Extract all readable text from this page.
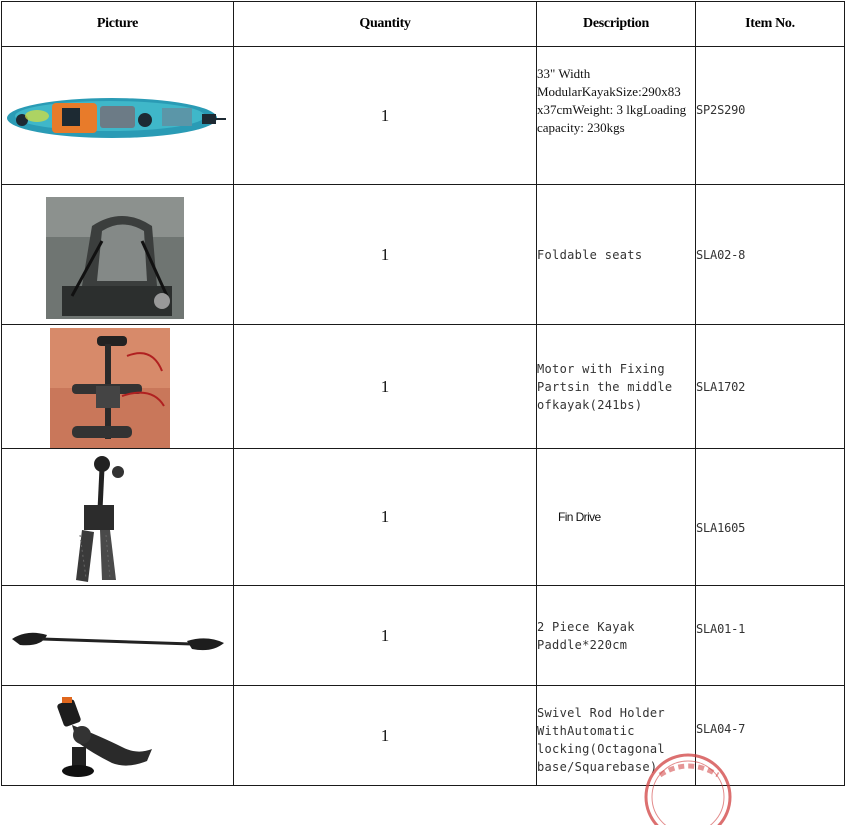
Picture	Quantity	Description	Item No.

	1	33" Width ModularKayakSize:290x83 x37cmWeight: 3 lkgLoading capacity: 230kgs	SP2S290

	1	Foldable seats	SLA02-8

	1	Motor with Fixing Partsin the middle ofkayak(241bs)	SLA1702

	1	Fin Drive	SLA1605

	1	2 Piece Kayak Paddle*220cm	SLA01-1

	1	Swivel Rod Holder WithAutomatic locking(Octagonal base/Squarebase)	SLA04-7
